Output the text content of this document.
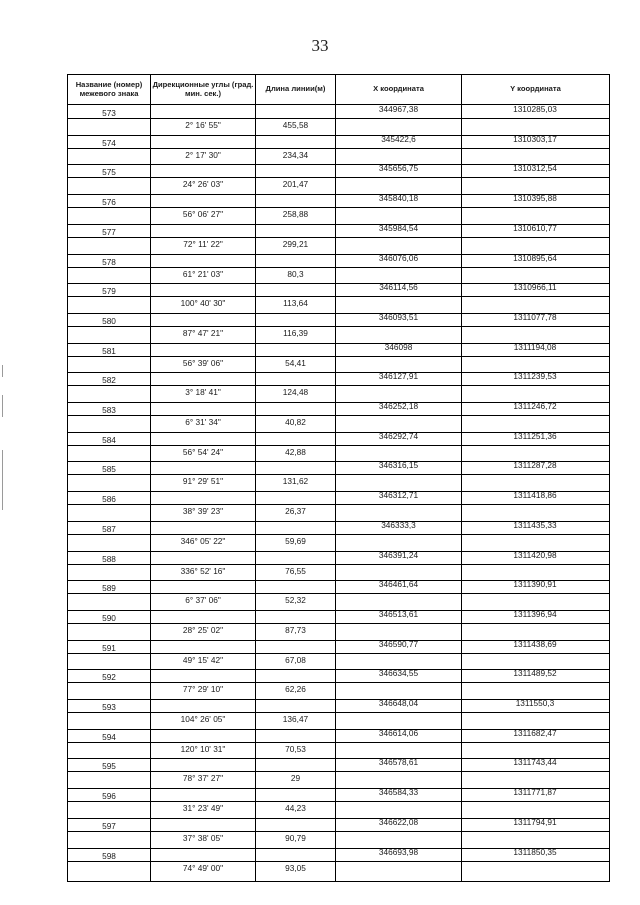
33
Название (номер) межевого знака
Дирекционные углы (град. мин. сек.)	Длина линии(м)	X координата	Y координата
573	344967,38	1310285,03
2° 16' 55"	455,58
574	345422,6	1310303,17
2° 17' 30"	234,34
575	345656,75	1310312,54
24° 26' 03"	201,47
576	345840,18	1310395,88
56° 06' 27"	258,88
577	345984,54	1310610,77
72° 11' 22"	299,21
578	346076,06	1310895,64
61° 21' 03"	80,3
579	346114,56	1310966,11
100° 40' 30"	113,64
580	346093,51	1311077,78
87° 47' 21"	116,39
581	346098	1311194,08
56° 39' 06"	54,41
582	346127,91	1311239,53
3° 18' 41"	124,48
583	346252,18	1311246,72
6° 31' 34"	40,82
584	346292,74	1311251,36
56° 54' 24"	42,88
585	346316,15	1311287,28
91° 29' 51"	131,62
586	346312,71	1311418,86
38° 39' 23"	26,37
587	346333,3	1311435,33
346° 05' 22"	59,69
588	346391,24	1311420,98
336° 52' 16"	76,55
589	346461,64	1311390,91
6° 37' 06"	52,32
590	346513,61	1311396,94
28° 25' 02"	87,73
591	346590,77	1311438,69
49° 15' 42"	67,08
592	346634,55	1311489,52
77° 29' 10"	62,26
593	346648,04	1311550,3
104° 26' 05"	136,47
594	346614,06	1311682,47
120° 10' 31"	70,53
595	346578,61	1311743,44
78° 37' 27"	29
596	346584,33	1311771,87
31° 23' 49"	44,23
597	346622,08	1311794,91
37° 38' 05"	90,79
598	346693,98	1311850,35
74° 49' 00"	93,05
